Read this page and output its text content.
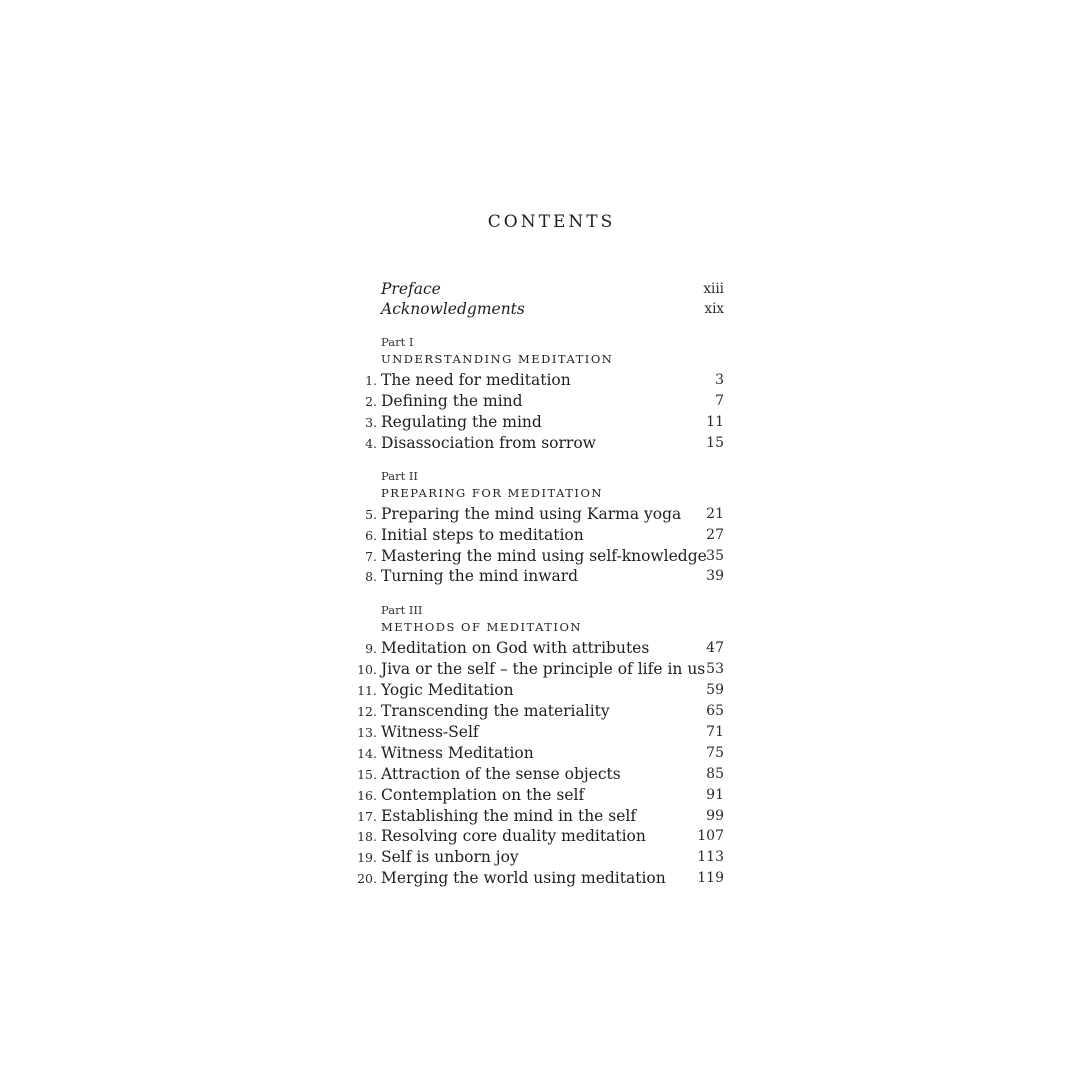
CONTENTS
Preface	xiii
Acknowledgments	xix
Part I
UNDERSTANDING MEDITATION
1. The need for meditation	3
2. Defining the mind	7
3. Regulating the mind	11
4. Disassociation from sorrow	15
Part II
PREPARING FOR MEDITATION
5. Preparing the mind using Karma yoga 21
6. Initial steps to meditation	27
7. Mastering the mind using self-knowledge 35
8. Turning the mind inward	39
Part III
METHODS OF MEDITATION
9. Meditation on God with attributes	47
10. Jiva or the self – the principle of life in us 53
11. Yogic Meditation	59
12. Transcending the materiality	65
13. Witness-Self	71
14. Witness Meditation	75
15. Attraction of the sense objects	85
16. Contemplation on the self	91
17. Establishing the mind in the self	99
18. Resolving core duality meditation	107
19. Self is unborn joy	113
20. Merging the world using meditation 119
